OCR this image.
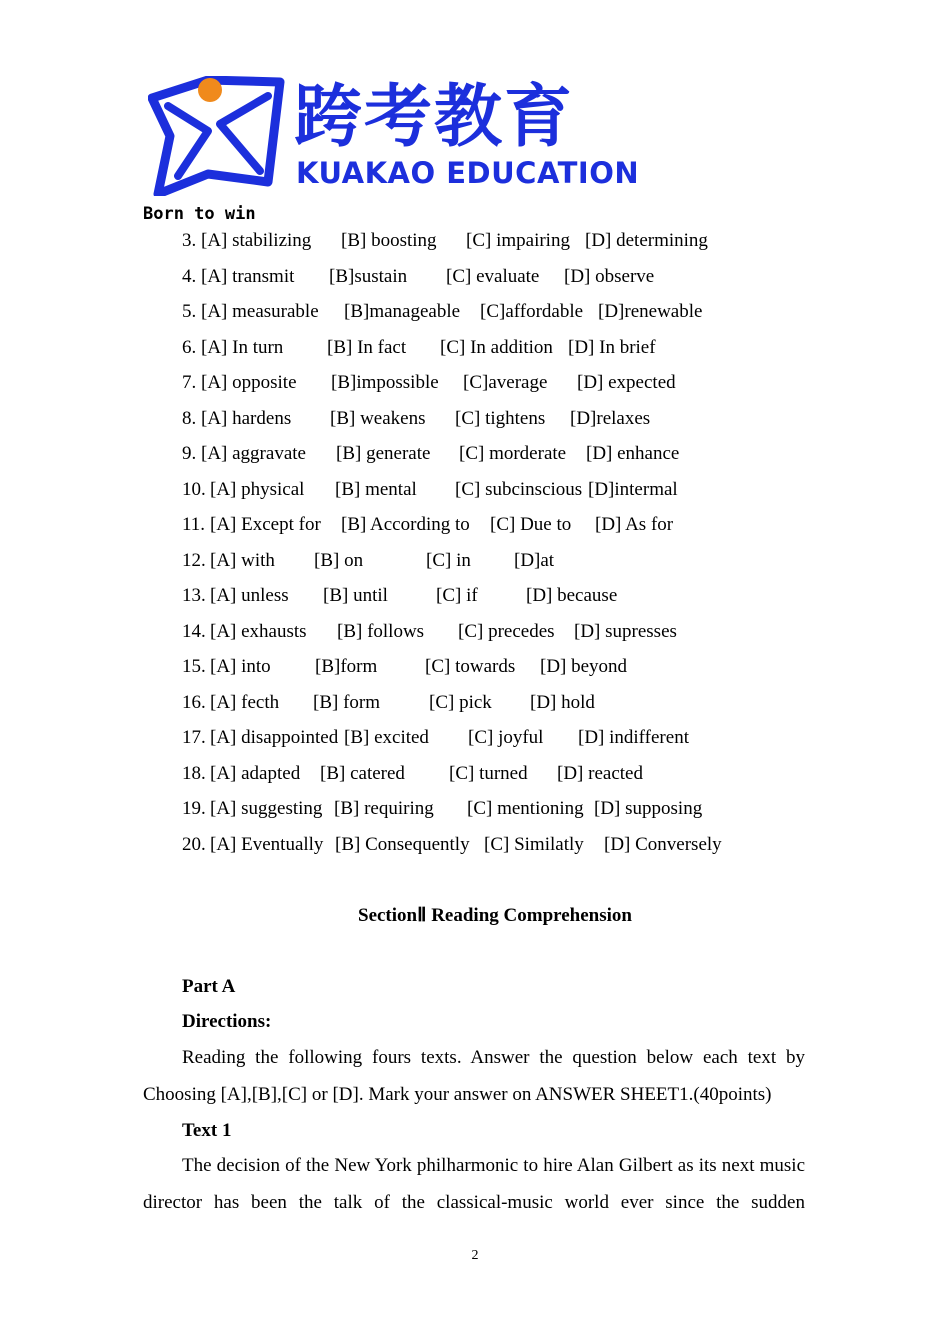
跨考教育
KUAKAO EDUCATION
Born to win
3. [A] stabilizing [B] boosting [C] impairing [D] determining
4. [A] transmit [B]sustain [C] evaluate [D] observe
5. [A] measurable [B]manageable [C]affordable [D]renewable
6. [A] In turn [B] In fact [C] In addition [D] In brief
7. [A] opposite [B]impossible [C]average [D] expected
8. [A] hardens [B] weakens [C] tightens [D]relaxes
9. [A] aggravate [B] generate [C] morderate [D] enhance
10. [A] physical [B] mental [C] subcinscious [D]intermal
11. [A] Except for [B] According to [C] Due to [D] As for
12. [A] with [B] on	[C] in [D]at
13. [A] unless [B] until	[C] if	[D] because
14. [A] exhausts [B] follows [C] precedes [D] supresses
15. [A] into [B]form	[C] towards [D] beyond
16. [A] fecth [B] form	[C] pick [D] hold
17. [A] disappointed [B] excited [C] joyful [D] indifferent
18. [A] adapted [B] catered [C] turned [D] reacted
19. [A] suggesting [B] requiring [C] mentioning [D] supposing
20. [A] Eventually [B] Consequently [C] Similatly [D] Conversely
SectionⅡ Reading Comprehension
Part A
Directions:
Reading the following fours texts. Answer the question below each text by
Choosing [A],[B],[C] or [D]. Mark your answer on ANSWER SHEET1.(40points)
Text 1
The decision of the New York philharmonic to hire Alan Gilbert as its next music
director has been the talk of the classical-music world ever since the sudden
2
